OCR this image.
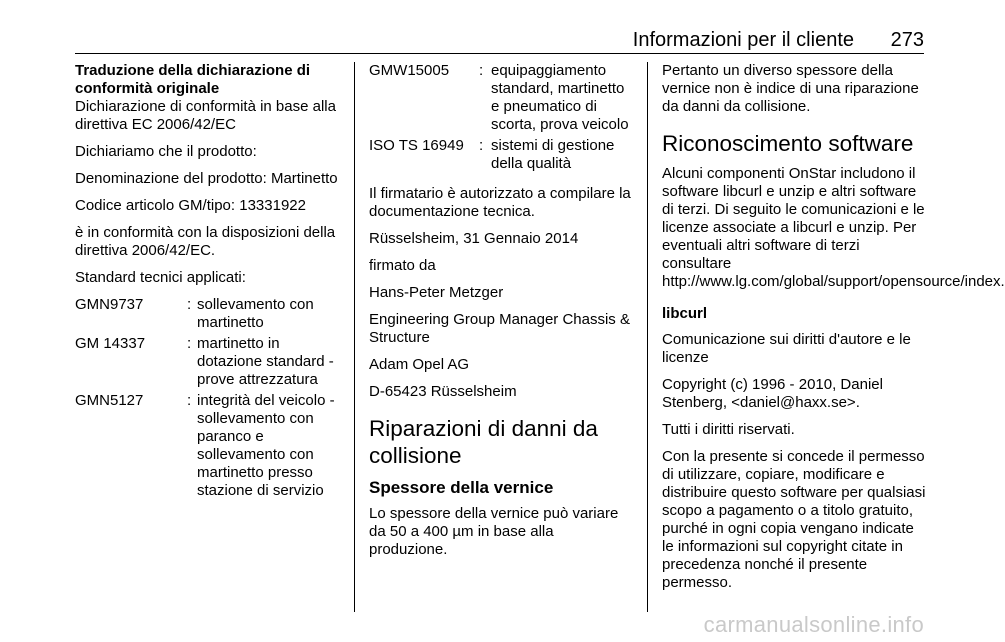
Informazioni per il cliente 273

Traduzione della dichiarazione di conformità originale

Dichiarazione di conformità in base alla direttiva EC 2006/42/EC

Dichiariamo che il prodotto:

Denominazione del prodotto: Martinetto

Codice articolo GM/tipo: 13331922

è in conformità con la disposizioni della direttiva 2006/42/EC.

Standard tecnici applicati:

GMN9737	: sollevamento con martinetto
GM 14337	: martinetto in dotazione standard - prove attrezzatura
GMN5127	: integrità del veicolo - sollevamento con paranco e sollevamento con martinetto presso stazione di servizio
GMW15005	: equipaggiamento standard, martinetto e pneumatico di scorta, prova veicolo
ISO TS 16949	: sistemi di gestione della qualità

Il firmatario è autorizzato a compilare la documentazione tecnica.

Rüsselsheim, 31 Gennaio 2014

firmato da

Hans-Peter Metzger

Engineering Group Manager Chassis & Structure

Adam Opel AG

D-65423 Rüsselsheim

Riparazioni di danni da collisione
Spessore della vernice

Lo spessore della vernice può variare da 50 a 400 µm in base alla produzione.

Pertanto un diverso spessore della vernice non è indice di una riparazione da danni da collisione.

Riconoscimento software

Alcuni componenti OnStar includono il software libcurl e unzip e altri software di terzi. Di seguito le comunicazioni e le licenze associate a libcurl e unzip. Per eventuali altri software di terzi consultare http://www.lg.com/global/support/opensource/index.

libcurl

Comunicazione sui diritti d'autore e le licenze

Copyright (c) 1996 - 2010, Daniel Stenberg, <daniel@haxx.se>.

Tutti i diritti riservati.

Con la presente si concede il permesso di utilizzare, copiare, modificare e distribuire questo software per qualsiasi scopo a pagamento o a titolo gratuito, purché in ogni copia vengano indicate le informazioni sul copyright citate in precedenza nonché il presente permesso.

carmanualsonline.info
